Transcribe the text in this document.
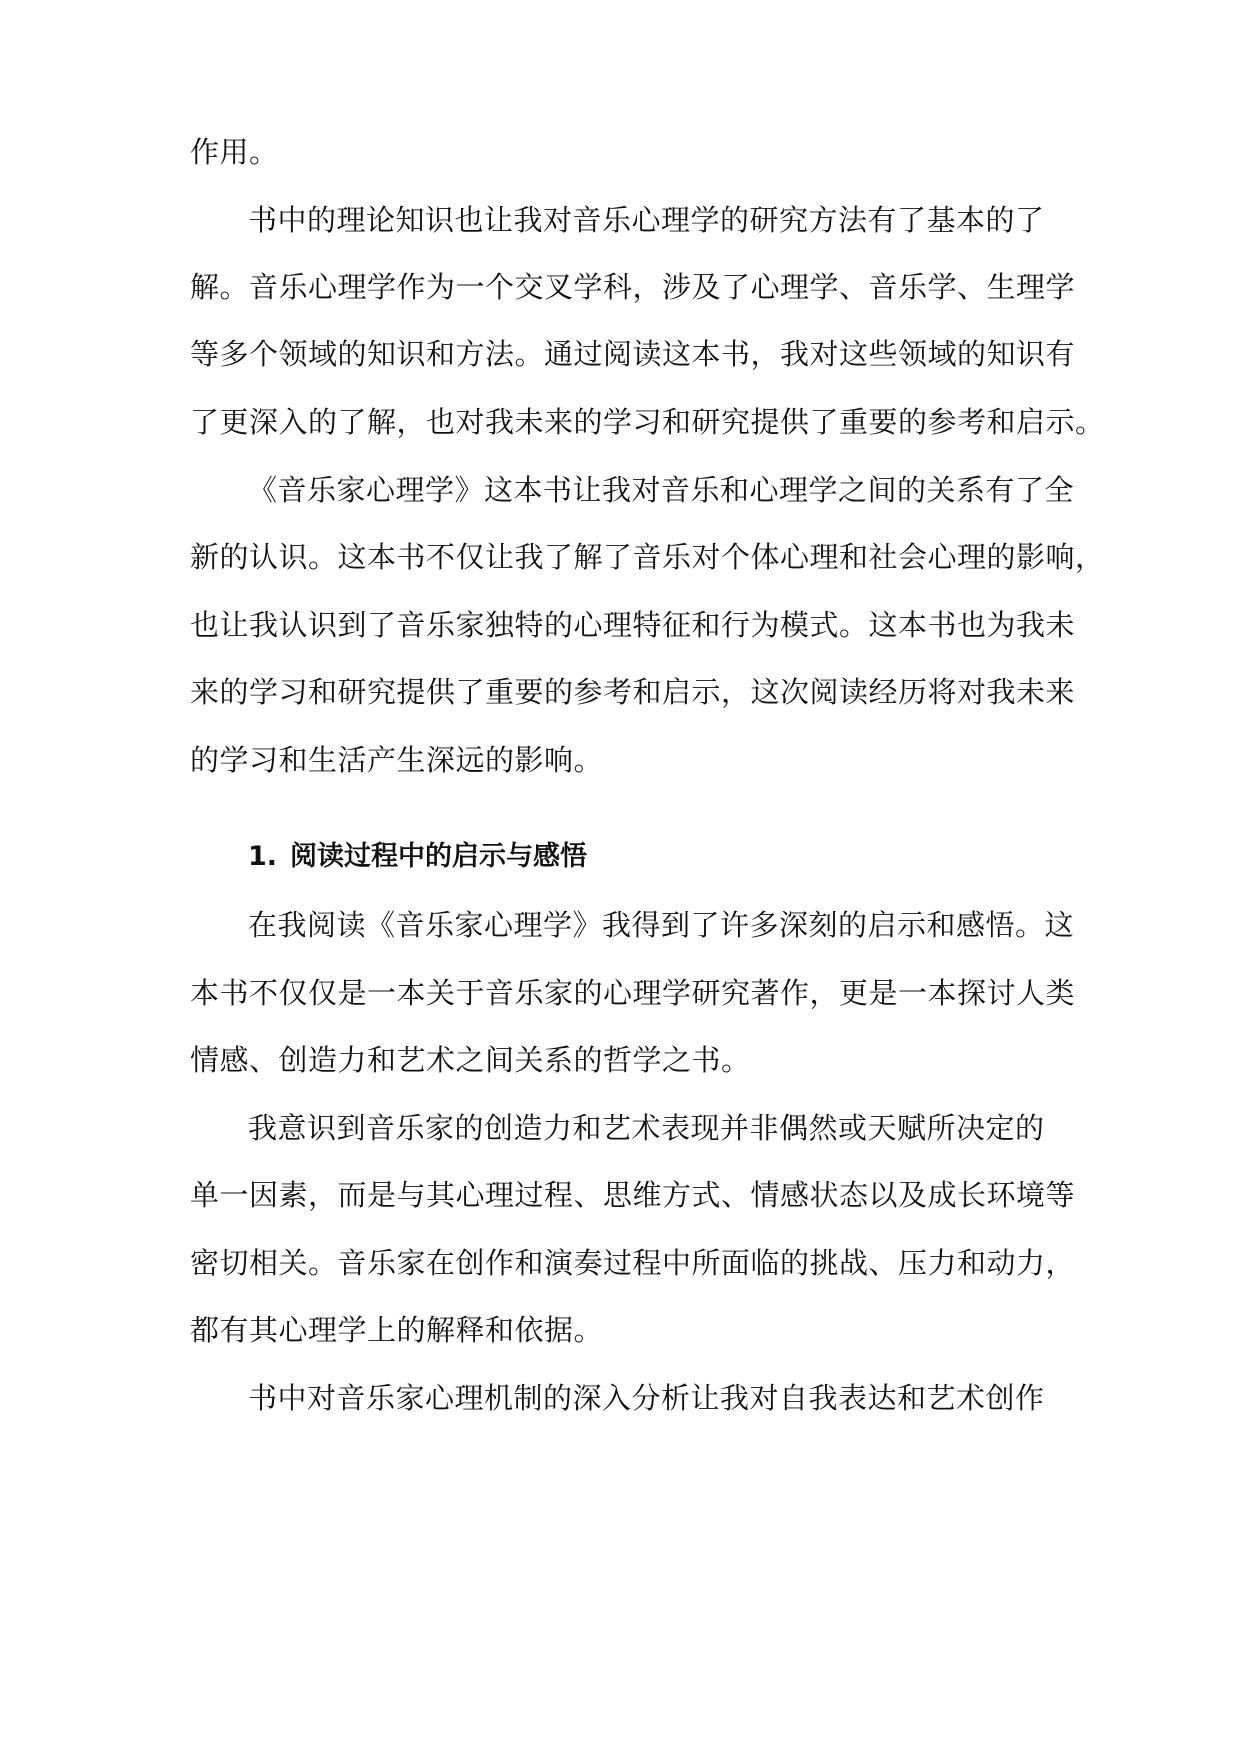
作用。
书中的理论知识也让我对音乐心理学的研究方法有了基本的了
解。音乐心理学作为一个交叉学科，涉及了心理学、音乐学、生理学
等多个领域的知识和方法。通过阅读这本书，我对这些领域的知识有
了更深入的了解，也对我未来的学习和研究提供了重要的参考和启示。
《音乐家心理学》这本书让我对音乐和心理学之间的关系有了全
新的认识。这本书不仅让我了解了音乐对个体心理和社会心理的影响，
也让我认识到了音乐家独特的心理特征和行为模式。这本书也为我未
来的学习和研究提供了重要的参考和启示，这次阅读经历将对我未来
的学习和生活产生深远的影响。
1. 阅读过程中的启示与感悟
在我阅读《音乐家心理学》我得到了许多深刻的启示和感悟。这
本书不仅仅是一本关于音乐家的心理学研究著作，更是一本探讨人类
情感、创造力和艺术之间关系的哲学之书。
我意识到音乐家的创造力和艺术表现并非偶然或天赋所决定的
单一因素，而是与其心理过程、思维方式、情感状态以及成长环境等
密切相关。音乐家在创作和演奏过程中所面临的挑战、压力和动力，
都有其心理学上的解释和依据。
书中对音乐家心理机制的深入分析让我对自我表达和艺术创作
